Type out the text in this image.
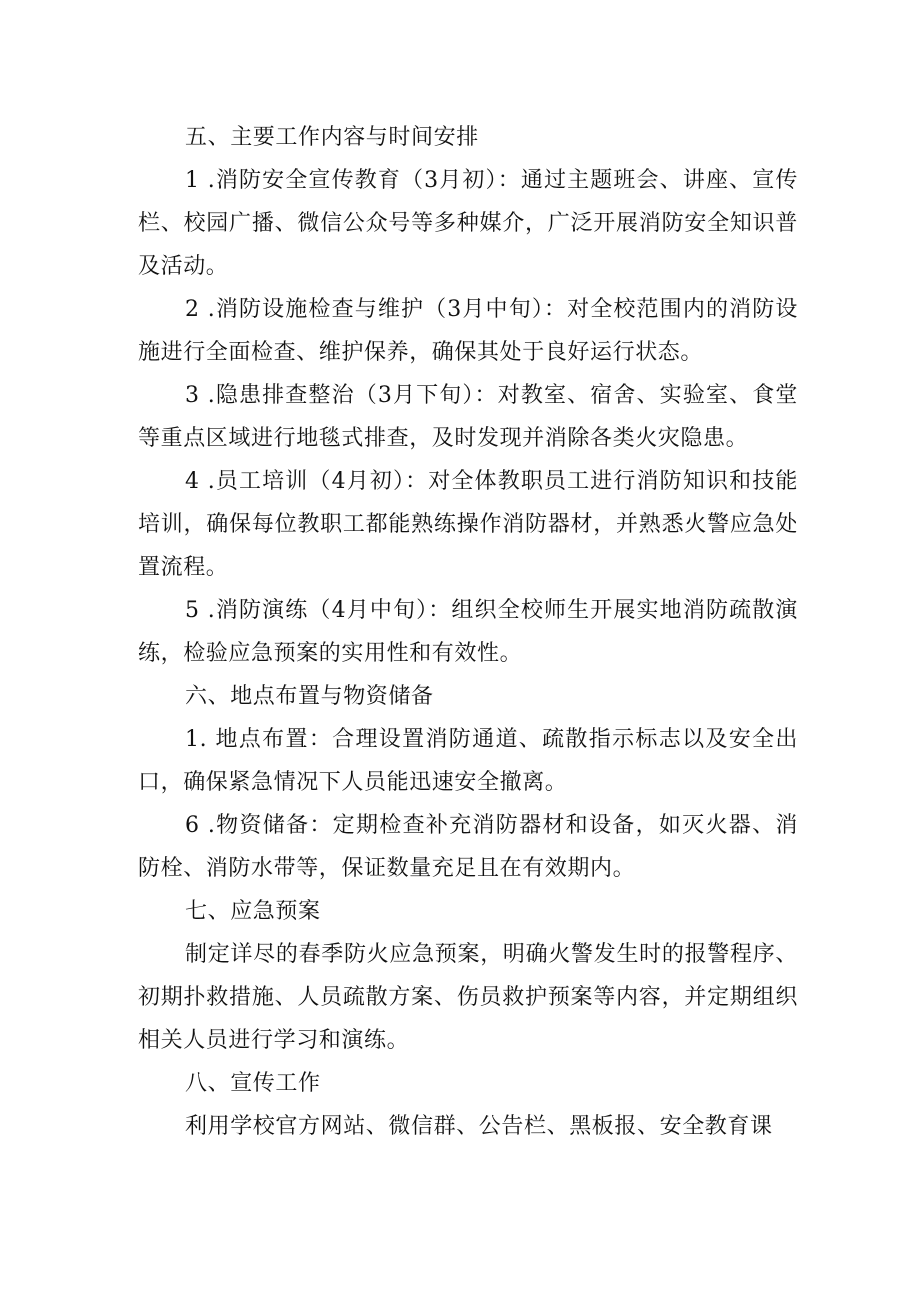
五、主要工作内容与时间安排

1 .消防安全宣传教育（3月初）：通过主题班会、讲座、宣传栏、校园广播、微信公众号等多种媒介，广泛开展消防安全知识普及活动。

2 .消防设施检查与维护（3月中旬）：对全校范围内的消防设施进行全面检查、维护保养，确保其处于良好运行状态。

3 .隐患排查整治（3月下旬）：对教室、宿舍、实验室、食堂等重点区域进行地毯式排查，及时发现并消除各类火灾隐患。

4 .员工培训（4月初）：对全体教职员工进行消防知识和技能培训，确保每位教职工都能熟练操作消防器材，并熟悉火警应急处置流程。

5 .消防演练（4月中旬）：组织全校师生开展实地消防疏散演练，检验应急预案的实用性和有效性。

六、地点布置与物资储备

1. 地点布置：合理设置消防通道、疏散指示标志以及安全出口，确保紧急情况下人员能迅速安全撤离。

6 .物资储备：定期检查补充消防器材和设备，如灭火器、消防栓、消防水带等，保证数量充足且在有效期内。

七、应急预案

制定详尽的春季防火应急预案，明确火警发生时的报警程序、初期扑救措施、人员疏散方案、伤员救护预案等内容，并定期组织相关人员进行学习和演练。

八、宣传工作

利用学校官方网站、微信群、公告栏、黑板报、安全教育课
